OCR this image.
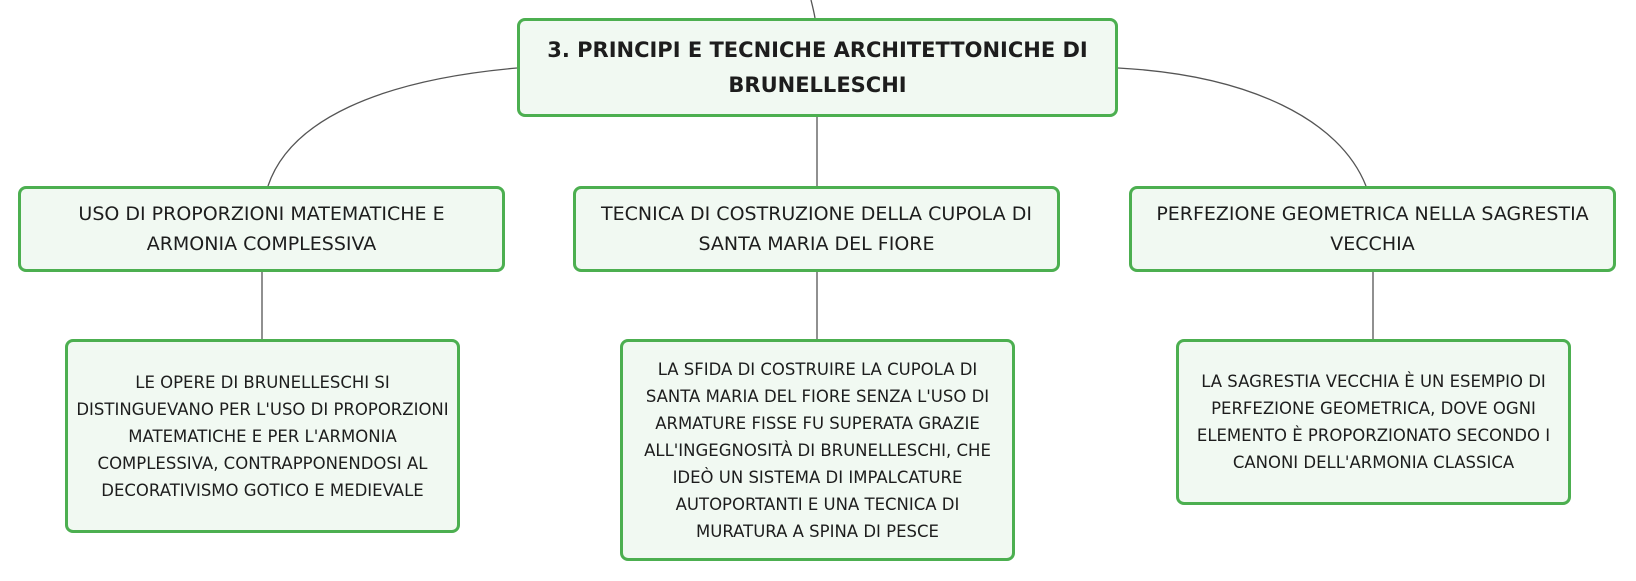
3. PRINCIPI E TECNICHE ARCHITETTONICHE DI BRUNELLESCHI
USO DI PROPORZIONI MATEMATICHE E ARMONIA COMPLESSIVA
TECNICA DI COSTRUZIONE DELLA CUPOLA DI SANTA MARIA DEL FIORE
PERFEZIONE GEOMETRICA NELLA SAGRESTIA VECCHIA
LE OPERE DI BRUNELLESCHI SI DISTINGUEVANO PER L'USO DI PROPORZIONI MATEMATICHE E PER L'ARMONIA COMPLESSIVA, CONTRAPPONENDOSI AL DECORATIVISMO GOTICO E MEDIEVALE
LA SFIDA DI COSTRUIRE LA CUPOLA DI SANTA MARIA DEL FIORE SENZA L'USO DI ARMATURE FISSE FU SUPERATA GRAZIE ALL'INGEGNOSITÀ DI BRUNELLESCHI, CHE IDEÒ UN SISTEMA DI IMPALCATURE AUTOPORTANTI E UNA TECNICA DI MURATURA A SPINA DI PESCE
LA SAGRESTIA VECCHIA È UN ESEMPIO DI PERFEZIONE GEOMETRICA, DOVE OGNI ELEMENTO È PROPORZIONATO SECONDO I CANONI DELL'ARMONIA CLASSICA
